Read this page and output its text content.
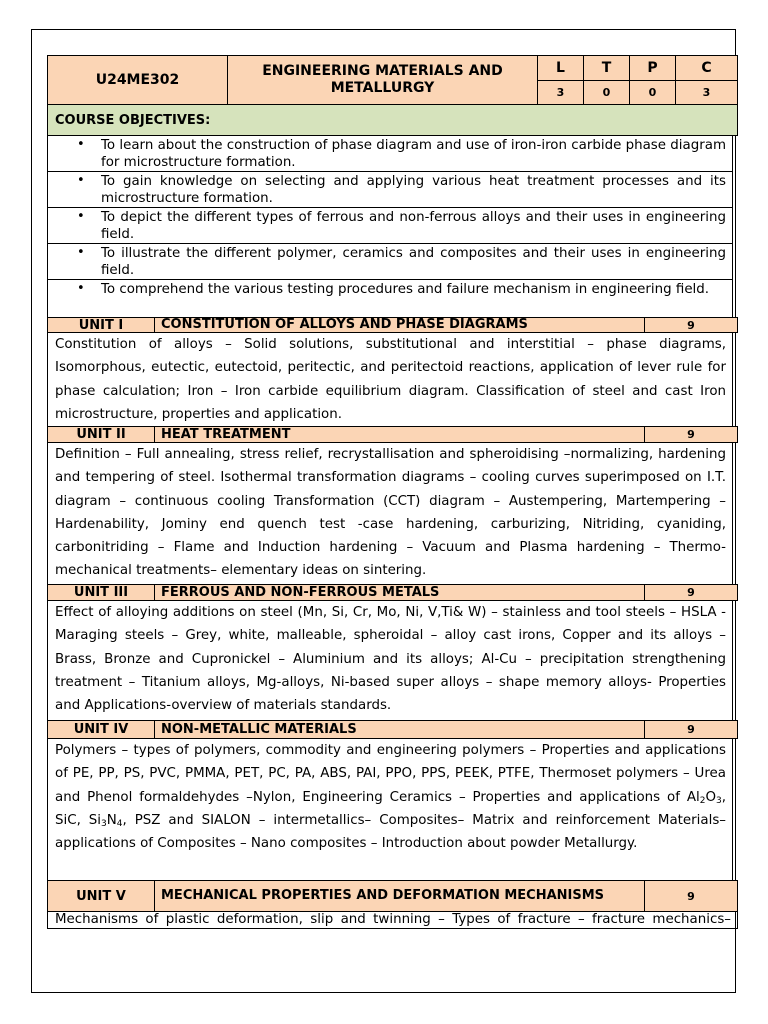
U24ME302
ENGINEERING MATERIALS AND METALLURGY
L	T	P	C
3	0	0	3
COURSE OBJECTIVES:
•	To learn about the construction of phase diagram and use of iron-iron carbide phase diagram for microstructure formation.
•	To gain knowledge on selecting and applying various heat treatment processes and its microstructure formation.
•	To depict the different types of ferrous and non-ferrous alloys and their uses in engineering field.
•	To illustrate the different polymer, ceramics and composites and their uses in engineering field.
•	To comprehend the various testing procedures and failure mechanism in engineering field.
UNIT I	CONSTITUTION OF ALLOYS AND PHASE DIAGRAMS	9
Constitution of alloys – Solid solutions, substitutional and interstitial – phase diagrams, Isomorphous, eutectic, eutectoid, peritectic, and peritectoid reactions, application of lever rule for phase calculation; Iron – Iron carbide equilibrium diagram. Classification of steel and cast Iron microstructure, properties and application.
UNIT II	HEAT TREATMENT	9
Definition – Full annealing, stress relief, recrystallisation and spheroidising –normalizing, hardening and tempering of steel. Isothermal transformation diagrams – cooling curves superimposed on I.T. diagram – continuous cooling Transformation (CCT) diagram – Austempering, Martempering – Hardenability, Jominy end quench test -case hardening, carburizing, Nitriding, cyaniding, carbonitriding – Flame and Induction hardening – Vacuum and Plasma hardening – Thermo-mechanical treatments– elementary ideas on sintering.
UNIT III	FERROUS AND NON-FERROUS METALS	9
Effect of alloying additions on steel (Mn, Si, Cr, Mo, Ni, V,Ti& W) – stainless and tool steels – HSLA - Maraging steels – Grey, white, malleable, spheroidal – alloy cast irons, Copper and its alloys – Brass, Bronze and Cupronickel – Aluminium and its alloys; Al-Cu – precipitation strengthening treatment – Titanium alloys, Mg-alloys, Ni-based super alloys – shape memory alloys- Properties and Applications-overview of materials standards.
UNIT IV	NON-METALLIC MATERIALS	9
Polymers – types of polymers, commodity and engineering polymers – Properties and applications of PE, PP, PS, PVC, PMMA, PET, PC, PA, ABS, PAI, PPO, PPS, PEEK, PTFE, Thermoset polymers – Urea and Phenol formaldehydes –Nylon, Engineering Ceramics – Properties and applications of $Al_2O_3$, SiC, $Si_3N_4$, PSZ and SIALON – intermetallics– Composites– Matrix and reinforcement Materials– applications of Composites – Nano composites – Introduction about powder Metallurgy.
UNIT V	MECHANICAL PROPERTIES AND DEFORMATION MECHANISMS	9
Mechanisms of plastic deformation, slip and twinning – Types of fracture – fracture mechanics–
